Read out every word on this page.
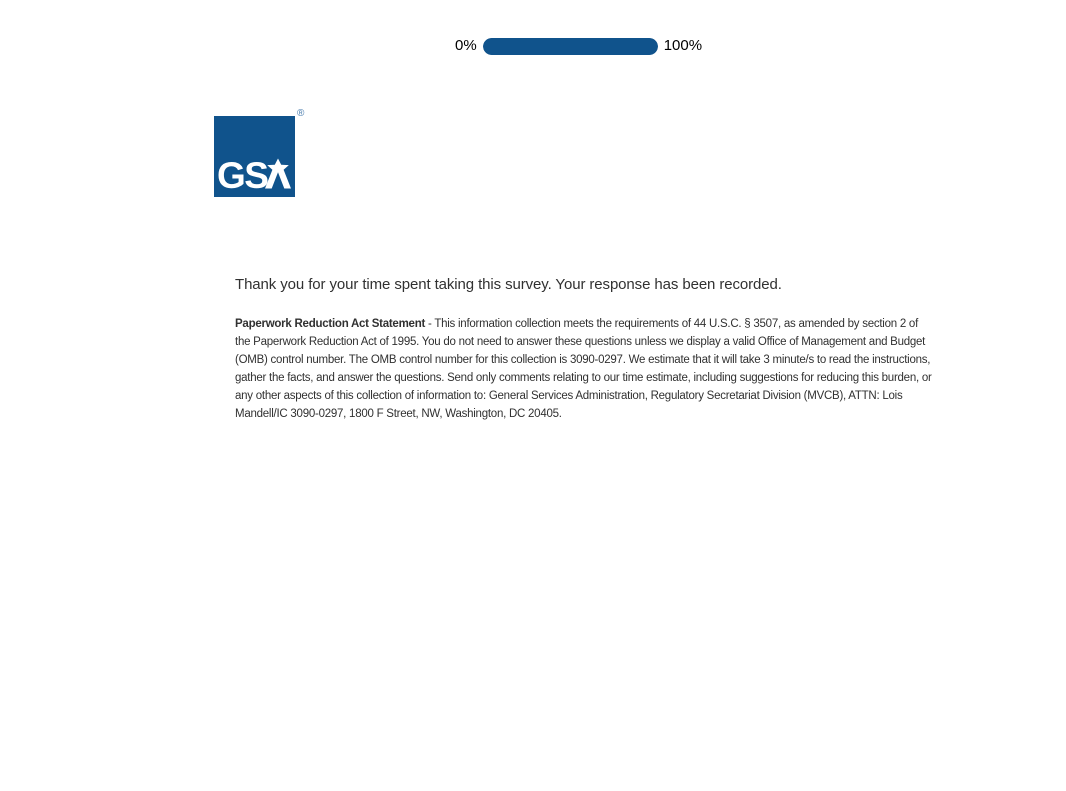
0%	100%
GS
®
Thank you for your time spent taking this survey. Your response has been recorded.
Paperwork Reduction Act Statement - This information collection meets the requirements of 44 U.S.C. § 3507, as amended by section 2 of the Paperwork Reduction Act of 1995. You do not need to answer these questions unless we display a valid Office of Management and Budget (OMB) control number. The OMB control number for this collection is 3090-0297. We estimate that it will take 3 minute/s to read the instructions, gather the facts, and answer the questions. Send only comments relating to our time estimate, including suggestions for reducing this burden, or any other aspects of this collection of information to: General Services Administration, Regulatory Secretariat Division (MVCB), ATTN: Lois Mandell/IC 3090-0297, 1800 F Street, NW, Washington, DC 20405.
